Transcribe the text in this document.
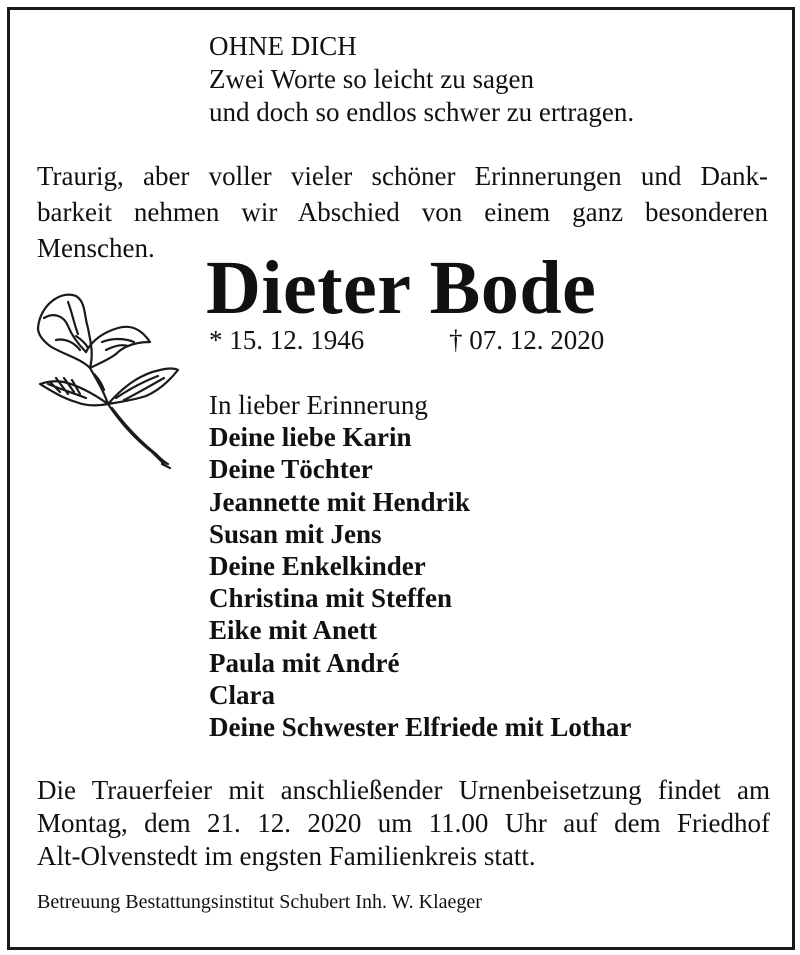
OHNE DICH
Zwei Worte so leicht zu sagen
und doch so endlos schwer zu ertragen.
Traurig, aber voller vieler schöner Erinnerungen und Dank-
barkeit nehmen wir Abschied von einem ganz besonderen
Menschen. Dieter Bode
* 15. 12. 1946	† 07. 12. 2020
In lieber Erinnerung
Deine liebe Karin
Deine Töchter
Jeannette mit Hendrik
Susan mit Jens
Deine Enkelkinder
Christina mit Steffen
Eike mit Anett
Paula mit André
Clara
Deine Schwester Elfriede mit Lothar
Die Trauerfeier mit anschließender Urnenbeisetzung findet am
Montag, dem 21. 12. 2020 um 11.00 Uhr auf dem Friedhof
Alt-Olvenstedt im engsten Familienkreis statt.
Betreuung Bestattungsinstitut Schubert Inh. W. Klaeger
